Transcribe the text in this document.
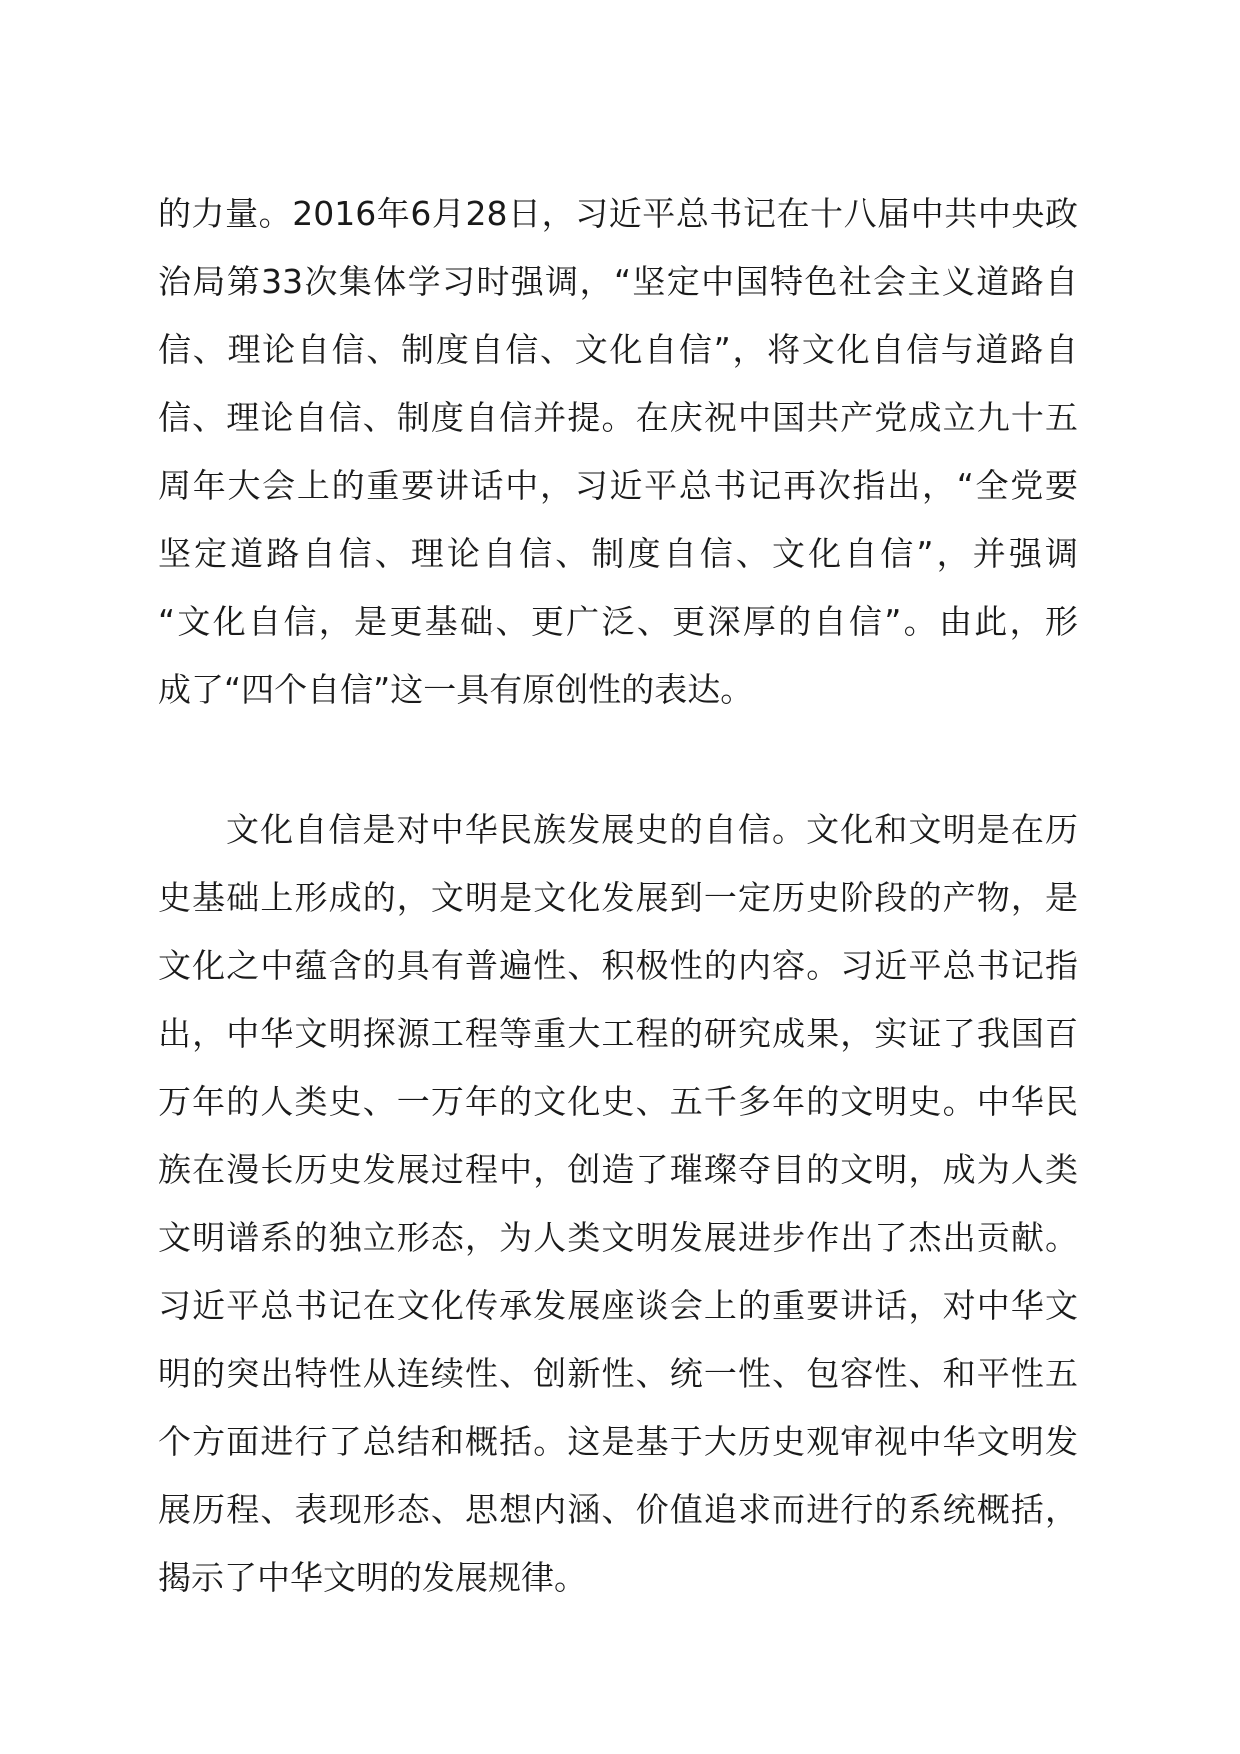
的力量。2016年6月28日，习近平总书记在十八届中共中央政
治局第33次集体学习时强调，“坚定中国特色社会主义道路自
信、理论自信、制度自信、文化自信”，将文化自信与道路自
信、理论自信、制度自信并提。在庆祝中国共产党成立九十五
周年大会上的重要讲话中，习近平总书记再次指出，“全党要
坚定道路自信、理论自信、制度自信、文化自信”，并强调
“文化自信，是更基础、更广泛、更深厚的自信”。由此，形
成了“四个自信”这一具有原创性的表达。
文化自信是对中华民族发展史的自信。文化和文明是在历
史基础上形成的，文明是文化发展到一定历史阶段的产物，是
文化之中蕴含的具有普遍性、积极性的内容。习近平总书记指
出，中华文明探源工程等重大工程的研究成果，实证了我国百
万年的人类史、一万年的文化史、五千多年的文明史。中华民
族在漫长历史发展过程中，创造了璀璨夺目的文明，成为人类
文明谱系的独立形态，为人类文明发展进步作出了杰出贡献。
习近平总书记在文化传承发展座谈会上的重要讲话，对中华文
明的突出特性从连续性、创新性、统一性、包容性、和平性五
个方面进行了总结和概括。这是基于大历史观审视中华文明发
展历程、表现形态、思想内涵、价值追求而进行的系统概括，
揭示了中华文明的发展规律。
